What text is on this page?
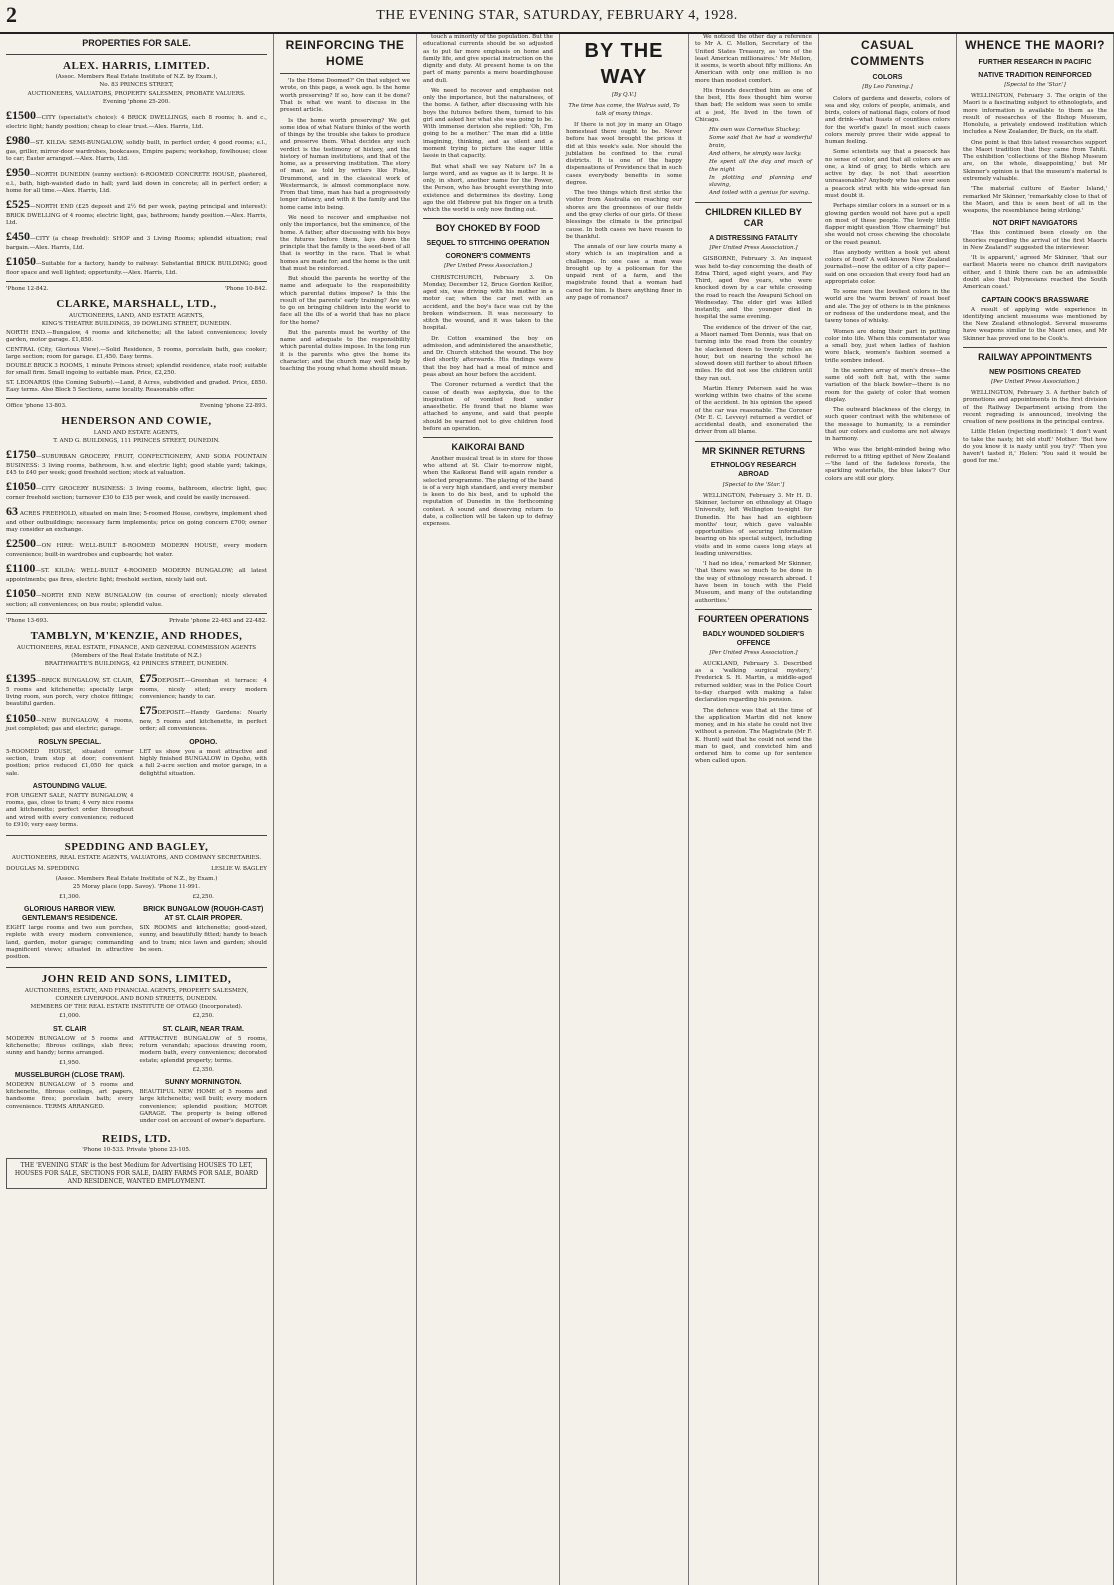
2	THE EVENING STAR, SATURDAY, FEBRUARY 4, 1928.
PROPERTIES FOR SALE.
ALEX. HARRIS, LIMITED.
(Assoc. Members Real Estate Institute of N.Z. by Exam.),
No. 83 PRINCES STREET,
AUCTIONEERS, VALUATORS, PROPERTY SALESMEN, PROBATE VALUERS.
Evening 'phone 25-200.

£1500—CITY (specialist's choice): 4 BRICK DWELLINGS, each 8 rooms; h. and c., electric light; handy position; cheap to clear trust.—Alex. Harris, Ltd.

£980—ST. KILDA: SEMI-BUNGALOW, solidly built, in perfect order, 4 good rooms; e.l., gas, griller, mirror-door wardrobes, bookcases, Empire papers; workshop, fowlhouse; close to car; Easter arranged.—Alex. Harris, Ltd.

£950—NORTH DUNEDIN (sunny section): 6-ROOMED CONCRETE HOUSE, plastered, e.l., bath, high-waisted dado in hall; yard laid down in concrete; all in perfect order; a home for all time.—Alex. Harris, Ltd.

£525—NORTH END (£25 deposit and 2½ 6d per week, paying principal and interest): BRICK DWELLING of 4 rooms; electric light, gas, bathroom; handy position.—Alex. Harris, Ltd.

£450—CITY (a cheap freehold): SHOP and 3 Living Rooms; splendid situation; real bargain.—Alex. Harris, Ltd.

£1050—Suitable for a factory, handy to railway: Substantial BRICK BUILDING; good floor space and well lighted; opportunity.—Alex. Harris, Ltd.

'Phone 12-842.	'Phone 10-842.
CLARKE, MARSHALL, LTD.,
AUCTIONEERS, LAND, AND ESTATE AGENTS,
KING'S THEATRE BUILDINGS, 39 DOWLING STREET, DUNEDIN.

NORTH END.—Bungalow, 4 rooms and kitchenette; all the latest conveniences; lovely garden, motor garage. £1,850.

CENTRAL (City, Glorious View).—Solid Residence, 5 rooms, porcelain bath, gas cooker; large section; room for garage. £1,450. Easy terms.

DOUBLE BRICK 3 ROOMS, 1 minute Princes street; splendid residence, state roof; suitable for small firm. Small ingoing to suitable man. Price, £2,250.

ST. LEONARDS (the Coming Suburb).—Land, 8 Acres, subdivided and graded. Price, £850. Easy terms. Also Block 5 Sections, same locality. Reasonable offer.

Office 'phone 13-803.	Evening 'phone 22-893.
HENDERSON AND COWIE,
LAND AND ESTATE AGENTS,
T. AND G. BUILDINGS, 111 PRINCES STREET, DUNEDIN.

£1750—SUBURBAN GROCERY, FRUIT, CONFECTIONERY, AND SODA FOUNTAIN BUSINESS: 3 living rooms, bathroom, h.w. and electric light; good stable yard; takings, £45 to £40 per week; good freehold section; stock at valuation.

£1050—CITY GROCERY BUSINESS: 3 living rooms, bathroom, electric light, gas; corner freehold section; turnover £30 to £35 per week, and could be easily increased.

63 ACRES FREEHOLD, situated on main line; 5-roomed House, cowbyre, implement shed and other outbuildings; necessary farm implements; price on going concern £700; owner may consider an exchange.

£2500—ON HIRE: WELL-BUILT 8-ROOMED MODERN HOUSE, every modern convenience; built-in wardrobes and cupboards; hot water.

£1100—ST. KILDA: WELL-BUILT 4-ROOMED MODERN BUNGALOW; all latest appointments; gas fires, electric light; freehold section, nicely laid out.

£1050—NORTH END NEW BUNGALOW (in course of erection); nicely elevated section; all conveniences; on bus route; splendid value.

'Phone 13-693.	Private 'phone 22-463 and 22-482.
TAMBLYN, M'KENZIE, AND RHODES,
AUCTIONEERS, REAL ESTATE, FINANCE, AND GENERAL COMMISSION AGENTS
(Members of the Real Estate Institute of N.Z.)
BRAITHWAITE'S BUILDINGS, 42 PRINCES STREET, DUNEDIN.

£1395—BRICK BUNGALOW, ST. CLAIR, 5 rooms and kitchenette; specially large living room, sun porch, very choice fittings; beautiful garden.

£1050—NEW BUNGALOW, 4 rooms, just completed; gas and electric; garage.

ROSLYN SPECIAL.

5-ROOMED HOUSE, situated corner section, tram stop at door; convenient position; price reduced £1,050 for quick sale.

ASTOUNDING VALUE.

FOR URGENT SALE, NATTY BUNGALOW, 4 rooms, gas, close to tram; 4 very nice rooms and kitchenette; perfect order throughout and wired with every convenience; reduced to £910; very easy terms.

£75DEPOSIT.—Greenhan st terrace: 4 rooms, nicely sited; every modern convenience; handy to car.

£75DEPOSIT.—Handy Gardens: Nearly new, 5 rooms and kitchenette, in perfect order; all conveniences.

OPOHO.

LET us show you a most attractive and highly finished BUNGALOW in Opoho, with a full 2-acre section and motor garage, in a delightful situation.

SPEDDING AND BAGLEY,
AUCTIONEERS, REAL ESTATE AGENTS, VALUATORS, AND COMPANY SECRETARIES.
DOUGLAS M. SPEDDING	LESLIE W. BAGLEY
(Assoc. Members Real Estate Institute of N.Z., by Exam.)
25 Moray place (opp. Savoy). 'Phone 11-991.
£1,300.
GLORIOUS HARBOR VIEW. GENTLEMAN'S RESIDENCE.

EIGHT large rooms and two sun porches, replete with every modern convenience, land, garden, motor garage; commanding magnificent views; situated in attractive position.

£2,250.
BRICK BUNGALOW (ROUGH-CAST) AT ST. CLAIR PROPER.

SIX ROOMS and kitchenette; good-sized, sunny, and beautifully fitted; handy to beach and to tram; nice lawn and garden; should be seen.

JOHN REID AND SONS, LIMITED,
AUCTIONEERS, ESTATE, AND FINANCIAL AGENTS, PROPERTY SALESMEN,
CORNER LIVERPOOL AND BOND STREETS, DUNEDIN.
MEMBERS OF THE REAL ESTATE INSTITUTE OF OTAGO (Incorporated).
£1,000.
ST. CLAIR

MODERN BUNGALOW of 5 rooms and kitchenette; fibrous ceilings, slab fires; sunny and handy; terms arranged.

£1,950.
MUSSELBURGH (CLOSE TRAM).

MODERN BUNGALOW of 5 rooms and kitchenette, fibrous ceilings, art papers, handsome fires; porcelain bath; every convenience. TERMS ARRANGED.

£2,250.
ST. CLAIR, NEAR TRAM.

ATTRACTIVE BUNGALOW of 5 rooms, return verandah; spacious drawing room, modern bath, every convenience; decorated estate; splendid property; terms.

£2,350.
SUNNY MORNINGTON.

BEAUTIFUL NEW HOME of 5 rooms and large kitchenette; well built; every modern convenience; splendid position; MOTOR GARAGE. The property is being offered under cost on account of owner's departure.

REIDS, LTD.
'Phone 10-533. Private 'phone 23-105.
THE 'EVENING STAR' is the best Medium for Advertising HOUSES TO LET, HOUSES FOR SALE, SECTIONS FOR SALE, DAIRY FARMS FOR SALE, BOARD AND RESIDENCE, WANTED EMPLOYMENT.
REINFORCING THE HOME

'Is the Home Doomed?' On that subject we wrote, on this page, a week ago. Is the home worth preserving? If so, how can it be done? That is what we want to discuss in the present article.

Is the home worth preserving? We get some idea of what Nature thinks of the worth of things by the trouble she takes to produce and preserve them. What decides any such verdict is the testimony of history, and the history of human institutions, and that of the home, as a preserving institution. The story of man, as told by writers like Fiske, Drummond, and in the classical work of Westermarck, is almost commonplace now. From that time, man has had a progressively longer infancy, and with it the family and the home came into being.

We need to recover and emphasise not only the importance, but the eminence, of the home. A father, after discussing with his boys the futures before them, lays down the principle that the family is the seed-bed of all that is worthy in the race. That is what homes are made for; and the home is the unit that must be reinforced.

But should the parents be worthy of the name and adequate to the responsibility which parental duties impose? Is this the result of the parents' early training? Are we to go on bringing children into the world to face all the ills of a world that has no place for the home?

But the parents must be worthy of the name and adequate to the responsibility which parental duties impose. In the long run it is the parents who give the home its character; and the church may well help by teaching the young what home should mean.

touch a minority of the population. But the educational currents should be so adjusted as to put far more emphasis on home and family life, and give special instruction on the dignity and duty. At present home is on the part of many parents a mere boardinghouse and dull.

We need to recover and emphasise not only the importance, but the naturalness, of the home. A father, after discussing with his boys the futures before them, turned to his girl and asked her what she was going to be. With immense derision she replied: 'Oh, I'm going to be a mother.' The man did a little imagining, thinking, and as silent and a moment trying to picture the eager little lassie in that capacity.

But what shall we say Nature is? In a large word, and as vague as it is large. It is only, in short, another name for the Power, the Person, who has brought everything into existence and determines its destiny. Long ago the old Hebrew put his finger on a truth which the world is only now finding out.

BOY CHOKED BY FOOD
SEQUEL TO STITCHING OPERATION
CORONER'S COMMENTS
[Per United Press Association.]

CHRISTCHURCH, February 3. On Monday, December 12, Bruce Gordon Keillor, aged six, was driving with his mother in a motor car, when the car met with an accident, and the boy's face was cut by the broken windscreen. It was necessary to stitch the wound, and it was taken to the hospital.

Dr. Cotton examined the boy on admission, and administered the anaesthetic, and Dr. Church stitched the wound. The boy died shortly afterwards. His findings were that the boy had had a meal of mince and peas about an hour before the accident.

The Coroner returned a verdict that the cause of death was asphyxia, due to the inspiration of vomited food under anaesthetic. He found that no blame was attached to anyone, and said that people should be warned not to give children food before an operation.

KAIKORAI BAND

Another musical treat is in store for those who attend at St. Clair to-morrow night, when the Kaikorai Band will again render a selected programme. The playing of the band is of a very high standard, and every member is keen to do his best, and to uphold the reputation of Dunedin in the forthcoming contest. A sound and deserving return to date, a collection will be taken up to defray expenses.

BY THE WAY
[By Q.V.]
The time has come, the Walrus said, To talk of many things.

If there is not joy in many an Otago homestead there ought to be. Never before has wool brought the prices it did at this week's sale. Nor should the jubilation be confined to the rural districts. It is one of the happy dispensations of Providence that in such cases everybody benefits in some degree.

The two things which first strike the visitor from Australia on reaching our shores are the greenness of our fields and the gray clerks of our girls. Of these blessings the climate is the principal cause. In both cases we have reason to be thankful.

The annals of our law courts many a story which is an inspiration and a challenge. In one case a man was brought up by a policeman for the unpaid rent of a farm, and the magistrate found that a woman had cared for him. Is there anything finer in any page of romance?

We noticed the other day a reference to Mr A. C. Mellon, Secretary of the United States Treasury, as 'one of the least American millionaires.' Mr Mellon, it seems, is worth about fifty millions. An American with only one million is no more than modest comfort.

His friends described him as one of the best, His foes thought him worse than bad; He seldom was seen to smile at a jest, He lived in the town of Chicago.

His own was Cornelius Stuckey;

Some said that he had a wonderful brain,

And others, he simply was lucky.

He spent all the day and much of the night

In plotting and planning and slaving,

And toiled with a genius for saving.

CHILDREN KILLED BY CAR
A DISTRESSING FATALITY
[Per United Press Association.]

GISBORNE, February 3. An inquest was held to-day concerning the death of Edna Third, aged eight years, and Fay Third, aged five years, who were knocked down by a car while crossing the road to reach the Awapuni School on Wednesday. The elder girl was killed instantly, and the younger died in hospital the same evening.

The evidence of the driver of the car, a Maori named Tom Dennis, was that on turning into the road from the country he slackened down to twenty miles an hour, but on nearing the school he slowed down still further to about fifteen miles. He did not see the children until they ran out.

Martin Henry Petersen said he was working within two chains of the scene of the accident. In his opinion the speed of the car was reasonable. The Coroner (Mr E. C. Levvey) returned a verdict of accidental death, and exonerated the driver from all blame.

MR SKINNER RETURNS
ETHNOLOGY RESEARCH ABROAD
[Special to the 'Star.']

WELLINGTON, February 3. Mr H. D. Skinner, lecturer on ethnology at Otago University, left Wellington to-night for Dunedin. He has had an eighteen months' tour, which gave valuable opportunities of securing information bearing on his special subject, including visits and in some cases long stays at leading universities.

'I had no idea,' remarked Mr Skinner, 'that there was so much to be done in the way of ethnology research abroad. I have been in touch with the Field Museum, and many of the outstanding authorities.'

FOURTEEN OPERATIONS
BADLY WOUNDED SOLDIER'S OFFENCE
[Per United Press Association.]

AUCKLAND, February 3. Described as a 'walking surgical mystery,' Frederick S. H. Martin, a middle-aged returned soldier, was in the Police Court to-day charged with making a false declaration regarding his pension.

The defence was that at the time of the application Martin did not know money, and in his state he could not live without a pension. The Magistrate (Mr F. K. Hunt) said that he could not send the man to gaol, and convicted him and ordered him to come up for sentence when called upon.

CASUAL COMMENTS
COLORS
[By Leo Fanning.]

Colors of gardens and deserts, colors of sea and sky, colors of people, animals, and birds, colors of national flags, colors of food and drink—what feasts of countless colors for the world's gaze! In most such cases colors merely prove their wide appeal to human feeling.

Some scientists say that a peacock has no sense of color, and that all colors are as one, a kind of gray, to birds which are active by day. Is not that assertion unreasonable? Anybody who has ever seen a peacock strut with his wide-spread fan must doubt it.

Perhaps similar colors in a sunset or in a glowing garden would not have put a spell on most of these people. The lovely little flapper might question 'How charming!' but she would not cross chewing the chocolate or the roast peanut.

Has anybody written a book yet about colors of food? A well-known New Zealand journalist—now the editor of a city paper—said on one occasion that every food had an appropriate color.

To some men the loveliest colors in the world are the 'warm brown' of roast beef and ale. The joy of others is in the pinkness or redness of the underdone meat, and the tawny tones of whisky.

Women are doing their part in putting color into life. When this commentator was a small boy, just when ladies of fashion wore black, women's fashion seemed a trifle sombre indeed.

In the sombre array of men's dress—the same old soft felt hat, with the same variation of the black bowler—there is no room for the gaiety of color that women display.

The outward blackness of the clergy, in such queer contrast with the whiteness of the message to humanity, is a reminder that our colors and customs are not always in harmony.

Who was the bright-minded being who referred to a fitting epithet of New Zealand—'the land of the fadeless forests, the sparkling waterfalls, the blue lakes'? Our colors are still our glory.

WHENCE THE MAORI?
FURTHER RESEARCH IN PACIFIC
NATIVE TRADITION REINFORCED
[Special to the 'Star.']

WELLINGTON, February 3. The origin of the Maori is a fascinating subject to ethnologists, and more information is available to them as the result of researches of the Bishop Museum, Honolulu, a privately endowed institution which includes a New Zealander, Dr Buck, on its staff.

One point is that this latest researches support the Maori tradition that they came from Tahiti. The exhibition 'collections of the Bishop Museum are, on the whole, disappointing,' but Mr Skinner's opinion is that the museum's material is extremely valuable.

'The material culture of Easter Island,' remarked Mr Skinner, 'remarkably close to that of the Maori, and this is seen best of all in the weapons, the resemblance being striking.'

NOT DRIFT NAVIGATORS

'Has this continued been closely on the theories regarding the arrival of the first Maoris in New Zealand?' suggested the interviewer.

'It is apparent,' agreed Mr Skinner, 'that our earliest Maoris were no chance drift navigators either, and I think there can be an admissible doubt also that Polynesians reached the South American coast.'

CAPTAIN COOK'S BRASSWARE

A result of applying wide experience in identifying ancient museums was mentioned by the New Zealand ethnologist. Several museums have weapons similar to the Maori ones, and Mr Skinner has proved one to be Cook's.

RAILWAY APPOINTMENTS
NEW POSITIONS CREATED
[Per United Press Association.]

WELLINGTON, February 3. A further batch of promotions and appointments in the first division of the Railway Department arising from the recent regrading is announced, involving the creation of new positions in the principal centres.

Little Helen (rejecting medicine): 'I don't want to take the nasty, bit old stuff.' Mother: 'But how do you know it is nasty until you try?' 'Then you haven't tasted it,' Helen: 'You said it would be good for me.'
